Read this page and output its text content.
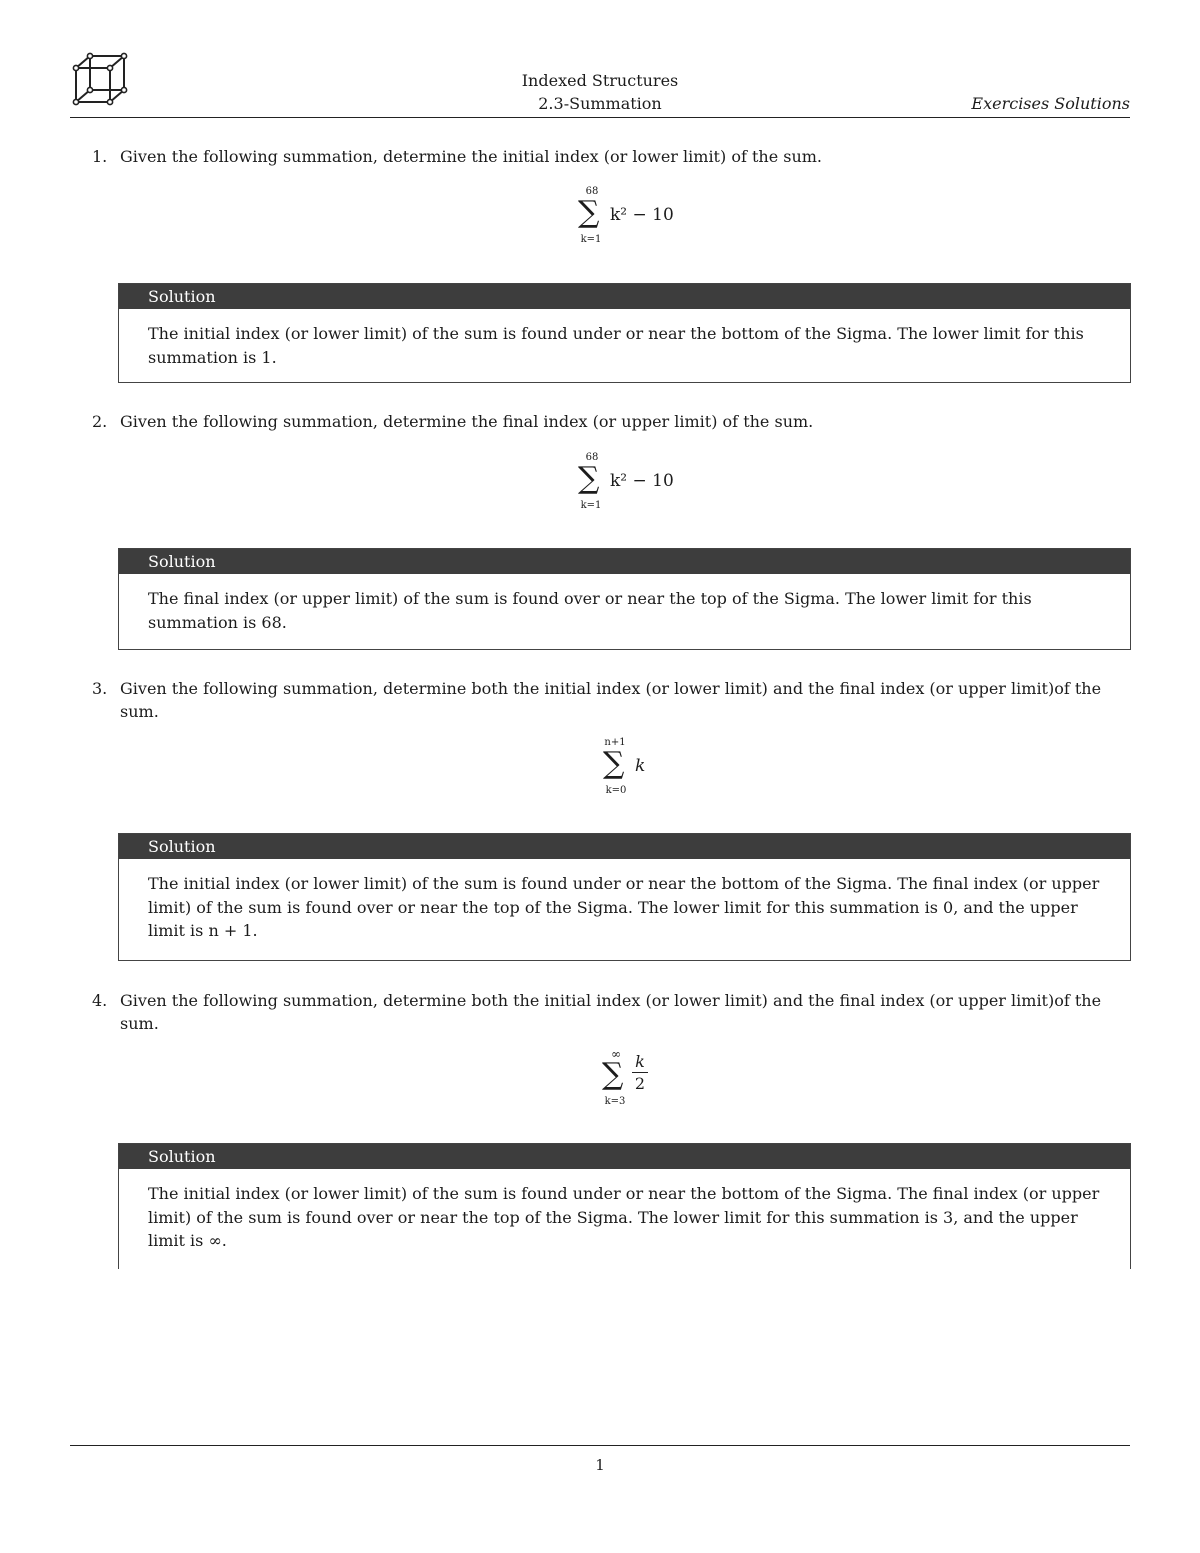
Indexed Structures
2.3-Summation	Exercises Solutions
1. Given the following summation, determine the initial index (or lower limit) of the sum.
68
∑
k=1
k² − 10
Solution
The initial index (or lower limit) of the sum is found under or near the bottom of the Sigma. The lower limit for this summation is 1.
2. Given the following summation, determine the final index (or upper limit) of the sum.
68
∑
k=1
k² − 10
Solution
The final index (or upper limit) of the sum is found over or near the top of the Sigma. The lower limit for this summation is 68.
3. Given the following summation, determine both the initial index (or lower limit) and the final index (or upper limit)of the sum.
n+1
∑
k=0
k
Solution
The initial index (or lower limit) of the sum is found under or near the bottom of the Sigma. The final index (or upper limit) of the sum is found over or near the top of the Sigma. The lower limit for this summation is 0, and the upper limit is n + 1.
4. Given the following summation, determine both the initial index (or lower limit) and the final index (or upper limit)of the sum.
∞
∑
k=3
k
2
Solution
The initial index (or lower limit) of the sum is found under or near the bottom of the Sigma. The final index (or upper limit) of the sum is found over or near the top of the Sigma. The lower limit for this summation is 3, and the upper limit is ∞.
1
